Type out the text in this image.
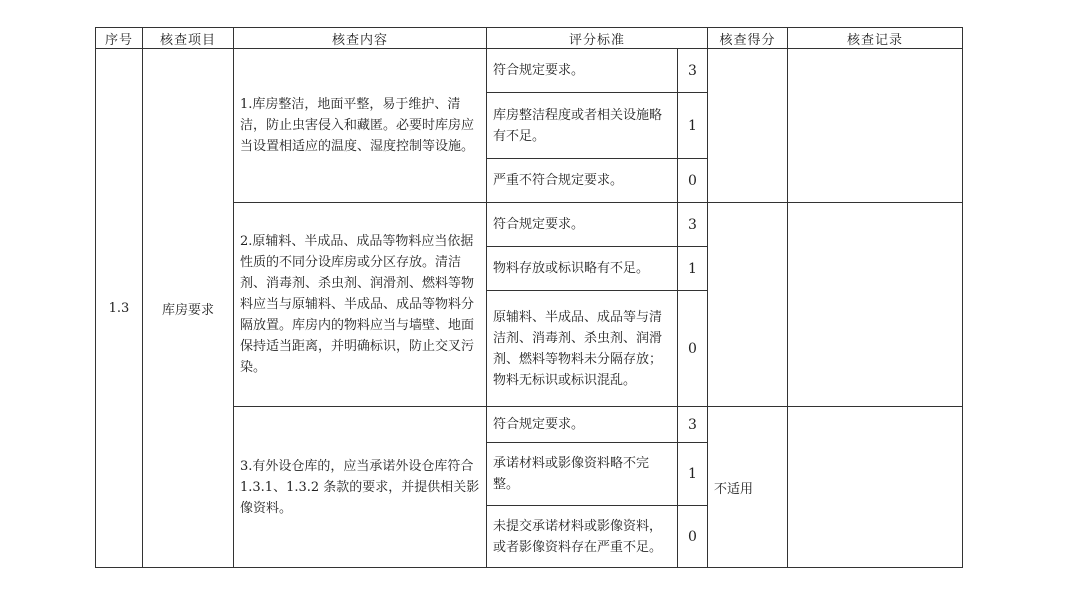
序号	核查项目	核查内容	评分标准		核查得分	核查记录
1.3	库房要求	1.库房整洁，地面平整，易于维护、清洁，防止虫害侵入和藏匿。必要时库房应当设置相适应的温度、湿度控制等设施。	符合规定要求。	3		
			库房整洁程度或者相关设施略有不足。	1		
			严重不符合规定要求。	0		
		2.原辅料、半成品、成品等物料应当依据性质的不同分设库房或分区存放。清洁剂、消毒剂、杀虫剂、润滑剂、燃料等物料应当与原辅料、半成品、成品等物料分隔放置。库房内的物料应当与墙壁、地面保持适当距离，并明确标识，防止交叉污染。	符合规定要求。	3		
			物料存放或标识略有不足。	1		
			原辅料、半成品、成品等与清洁剂、消毒剂、杀虫剂、润滑剂、燃料等物料未分隔存放；物料无标识或标识混乱。	0		
		3.有外设仓库的，应当承诺外设仓库符合 1.3.1、1.3.2 条款的要求，并提供相关影像资料。	符合规定要求。	3	不适用	
			承诺材料或影像资料略不完整。	1		
			未提交承诺材料或影像资料，或者影像资料存在严重不足。	0		
